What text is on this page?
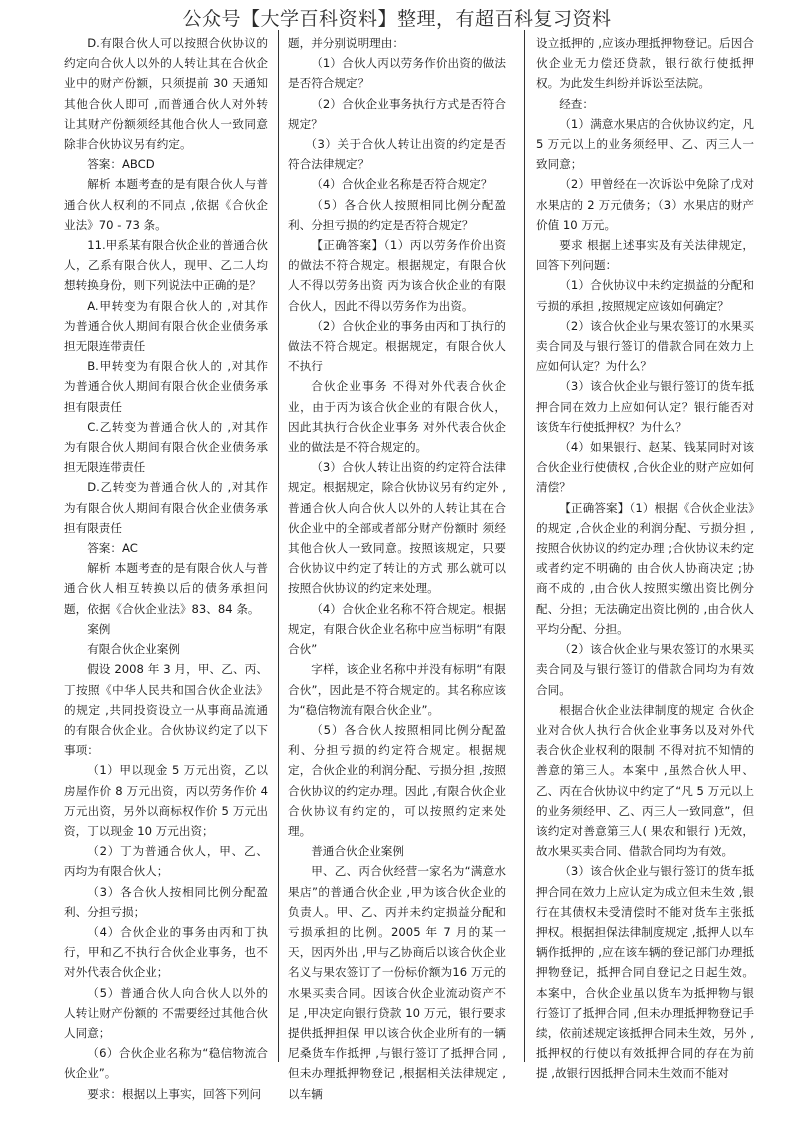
公众号【大学百科资料】整理，有超百科复习资料

D.有限合伙人可以按照合伙协议的约定向合伙人以外的人转让其在合伙企业中的财产份额，只须提前 30 天通知其他合伙人即可 ,而普通合伙人对外转让其财产份额须经其他合伙人一致同意 除非合伙协议另有约定。

答案：ABCD

解析 本题考查的是有限合伙人与普通合伙人权利的不同点 ,依据《合伙企业法》70 - 73 条。

11.甲系某有限合伙企业的普通合伙人，乙系有限合伙人，现甲、乙二人均想转换身份，则下列说法中正确的是？

A.甲转变为有限合伙人的 ,对其作为普通合伙人期间有限合伙企业债务承担无限连带责任

B.甲转变为有限合伙人的 ,对其作为普通合伙人期间有限合伙企业债务承担有限责任

C.乙转变为普通合伙人的 ,对其作为有限合伙人期间有限合伙企业债务承担无限连带责任

D.乙转变为普通合伙人的 ,对其作为有限合伙人期间有限合伙企业债务承担有限责任

答案：AC

解析 本题考查的是有限合伙人与普通合伙人相互转换以后的债务承担问题，依据《合伙企业法》83、84 条。

案例

有限合伙企业案例

假设 2008 年 3 月，甲、乙、丙、丁按照《中华人民共和国合伙企业法》的规定 ,共同投资设立一从事商品流通的有限合伙企业。合伙协议约定了以下事项：

（1）甲以现金 5 万元出资，乙以房屋作价 8 万元出资，丙以劳务作价 4 万元出资，另外以商标权作价 5 万元出资，丁以现金 10 万元出资；

（2）丁为普通合伙人，甲、乙、丙均为有限合伙人；

（3）各合伙人按相同比例分配盈利、分担亏损；

（4）合伙企业的事务由丙和丁执行，甲和乙不执行合伙企业事务，也不对外代表合伙企业；

（5）普通合伙人向合伙人以外的人转让财产份额的 不需要经过其他合伙人同意；

（6）合伙企业名称为“稳信物流合伙企业”。

要求：根据以上事实，回答下列问

题，并分别说明理由：

（1）合伙人丙以劳务作价出资的做法是否符合规定？

（2）合伙企业事务执行方式是否符合规定？

（3）关于合伙人转让出资的约定是否符合法律规定？

（4）合伙企业名称是否符合规定？

（5）各合伙人按照相同比例分配盈利、分担亏损的约定是否符合规定？

【正确答案】（1）丙以劳务作价出资的做法不符合规定。根据规定，有限合伙人不得以劳务出资 丙为该合伙企业的有限合伙人，因此不得以劳务作为出资。

（2）合伙企业的事务由丙和丁执行的做法不符合规定。根据规定，有限合伙人不执行

合伙企业事务 不得对外代表合伙企业，由于丙为该合伙企业的有限合伙人，因此其执行合伙企业事务 对外代表合伙企业的做法是不符合规定的。

（3）合伙人转让出资的约定符合法律规定。根据规定，除合伙协议另有约定外 ,普通合伙人向合伙人以外的人转让其在合伙企业中的全部或者部分财产份额时 须经其他合伙人一致同意。按照该规定，只要合伙协议中约定了转让的方式 那么就可以按照合伙协议的约定来处理。

（4）合伙企业名称不符合规定。根据规定，有限合伙企业名称中应当标明“有限合伙”

字样，该企业名称中并没有标明“有限合伙”，因此是不符合规定的。其名称应该为“稳信物流有限合伙企业”。

（5）各合伙人按照相同比例分配盈利、分担亏损的约定符合规定。根据规定，合伙企业的利润分配、亏损分担 ,按照合伙协议的约定办理。因此 ,有限合伙企业合伙协议有约定的，可以按照约定来处理。

普通合伙企业案例

甲、乙、丙合伙经营一家名为“满意水果店”的普通合伙企业 ,甲为该合伙企业的负责人。甲、乙、丙并未约定损益分配和亏损承担的比例。2005 年 7 月的某一天，因丙外出 ,甲与乙协商后以该合伙企业名义与果农签订了一份标价额为16 万元的水果买卖合同。因该合伙企业流动资产不足 ,甲决定向银行贷款 10 万元，银行要求提供抵押担保 甲以该合伙企业所有的一辆尼桑货车作抵押 ,与银行签订了抵押合同 ,但未办理抵押物登记 ,根据相关法律规定 ,以车辆

设立抵押的 ,应该办理抵押物登记。后因合伙企业无力偿还贷款，银行欲行使抵押权。为此发生纠纷并诉讼至法院。

经查：

（1）满意水果店的合伙协议约定，凡 5 万元以上的业务须经甲、乙、丙三人一致同意；

（2）甲曾经在一次诉讼中免除了戊对水果店的 2 万元债务；（3）水果店的财产价值 10 万元。

要求 根据上述事实及有关法律规定，回答下列问题：

（1）合伙协议中未约定损益的分配和亏损的承担 ,按照规定应该如何确定？

（2）该合伙企业与果农签订的水果买卖合同及与银行签订的借款合同在效力上应如何认定？为什么？

（3）该合伙企业与银行签订的货车抵押合同在效力上应如何认定？银行能否对该货车行使抵押权？为什么？

（4）如果银行、赵某、钱某同时对该合伙企业行使债权 ,合伙企业的财产应如何清偿？

【正确答案】（1）根据《合伙企业法》的规定 ,合伙企业的利润分配、亏损分担 ,按照合伙协议的约定办理 ;合伙协议未约定或者约定不明确的 由合伙人协商决定 ;协商不成的 ,由合伙人按照实缴出资比例分配、分担；无法确定出资比例的 ,由合伙人平均分配、分担。

（2）该合伙企业与果农签订的水果买卖合同及与银行签订的借款合同均为有效合同。

根据合伙企业法律制度的规定 合伙企业对合伙人执行合伙企业事务以及对外代表合伙企业权利的限制 不得对抗不知情的善意的第三人。本案中 ,虽然合伙人甲、乙、丙在合伙协议中约定了“凡 5 万元以上的业务须经甲、乙、丙三人一致同意”，但该约定对善意第三人( 果农和银行 )无效，故水果买卖合同、借款合同均为有效。

（3）该合伙企业与银行签订的货车抵押合同在效力上应认定为成立但未生效 ,银行在其债权未受清偿时不能对货车主张抵押权。根据担保法律制度规定 ,抵押人以车辆作抵押的 ,应在该车辆的登记部门办理抵押物登记，抵押合同自登记之日起生效。本案中，合伙企业虽以货车为抵押物与银行签订了抵押合同 ,但未办理抵押物登记手续，依前述规定该抵押合同未生效，另外 ,抵押权的行使以有效抵押合同的存在为前提 ,故银行因抵押合同未生效而不能对
